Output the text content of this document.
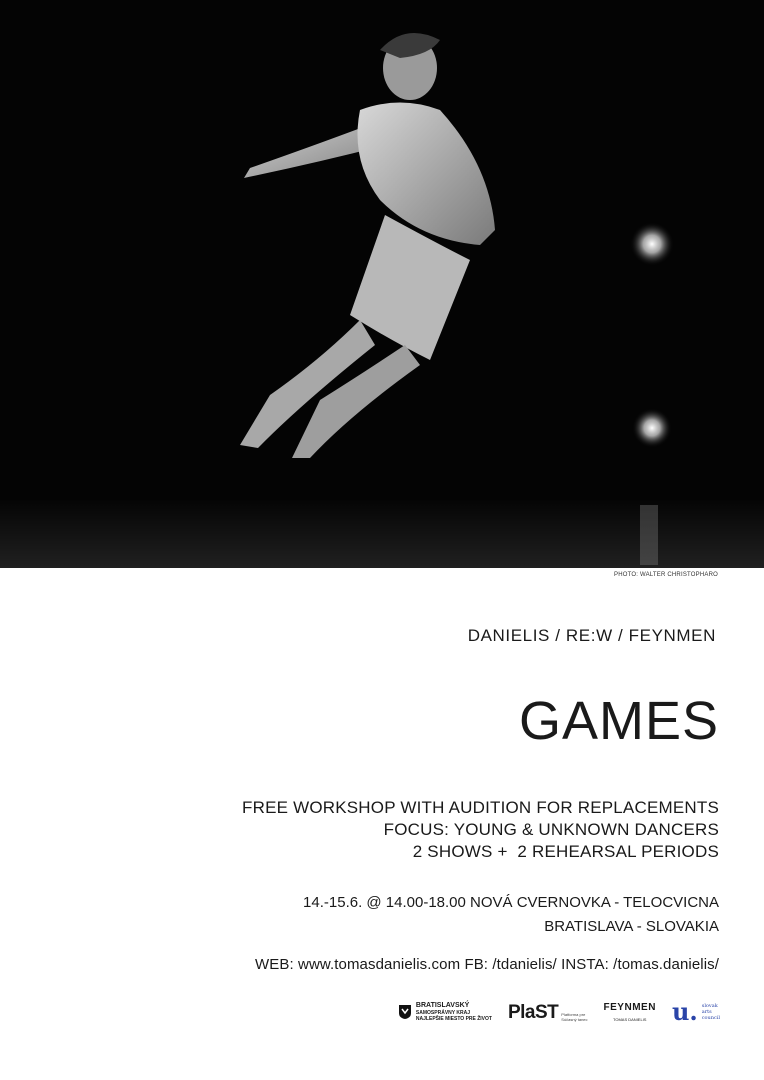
PHOTO: WALTER CHRISTOPHARO
DANIELIS / RE:W / FEYNMEN
GAMES
FREE WORKSHOP WITH AUDITION FOR REPLACEMENTS
FOCUS: YOUNG & UNKNOWN DANCERS
2 SHOWS +  2 REHEARSAL PERIODS
14.-15.6. @ 14.00-18.00 NOVÁ CVERNOVKA - TELOCVICNA
BRATISLAVA - SLOVAKIA
WEB: www.tomasdanielis.com FB: /tdanielis/ INSTA: /tomas.danielis/
BRATISLAVSKÝ
SAMOSPRÁVNY KRAJ
NAJLEPŠIE MIESTO PRE ŽIVOT PlaST Platforma pre
Súčasný tanec
FEYNMEN
TOMAS DANIELIS u. slovak
arts
council
